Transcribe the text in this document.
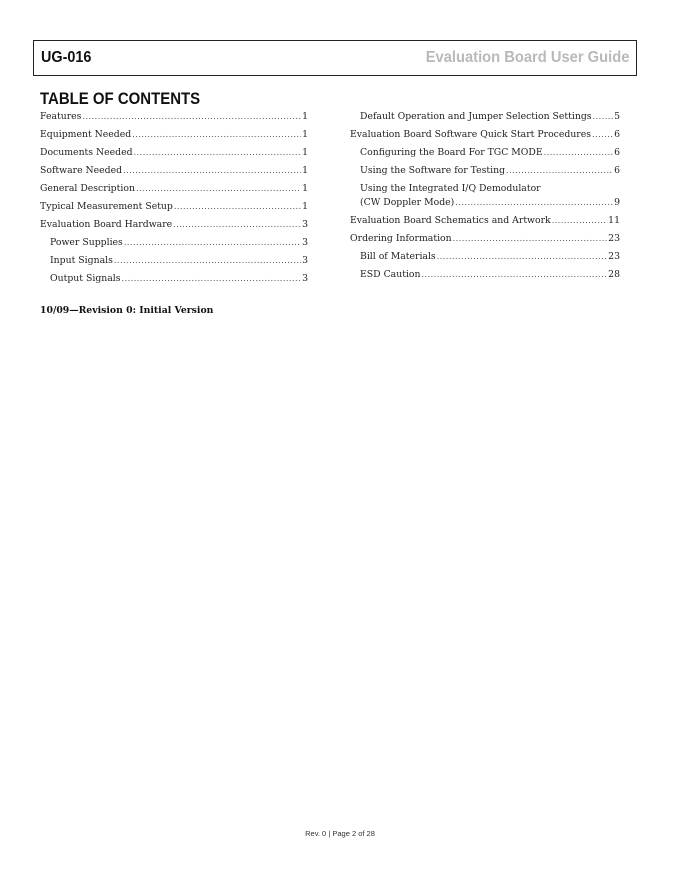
UG-016	Evaluation Board User Guide
TABLE OF CONTENTS
Features .....	1
Equipment Needed .....	1
Documents Needed .....	1
Software Needed .....	1
General Description .....	1
Typical Measurement Setup .....	1
Evaluation Board Hardware .....	3
Power Supplies .....	3
Input Signals .....	3
Output Signals .....	3
Default Operation and Jumper Selection Settings ..... 5
Evaluation Board Software Quick Start Procedures ..... 6
Configuring the Board For TGC MODE .....	6
Using the Software for Testing .....	6
Using the Integrated I/Q Demodulator
(CW Doppler Mode) .....	9
Evaluation Board Schematics and Artwork .....	11
Ordering Information .....	23
Bill of Materials .....	23
ESD Caution .....	28
10/09—Revision 0: Initial Version
Rev. 0 | Page 2 of 28
